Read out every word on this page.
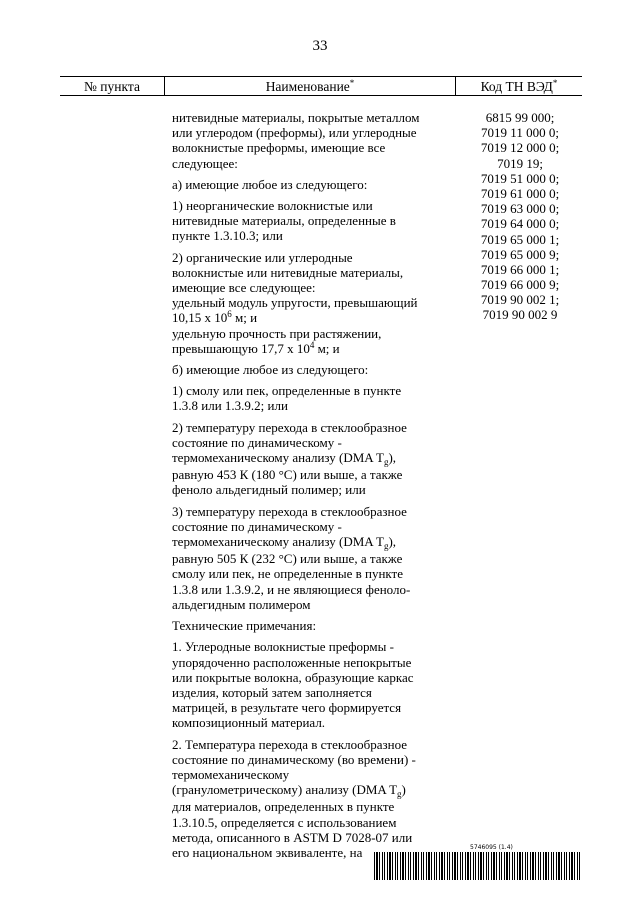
33
№ пункта	Наименование*	Код ТН ВЭД*

нитевидные материалы, покрытые металлом или углеродом (преформы), или углеродные волокнистые преформы, имеющие все следующее:

а) имеющие любое из следующего:

1) неорганические волокнистые или нитевидные материалы, определенные в пункте 1.3.10.3; или

2) органические или углеродные волокнистые или нитевидные материалы, имеющие все следующее:

удельный модуль упругости, превышающий 10,15 х $10^6$ м; и

удельную прочность при растяжении, превышающую 17,7 х $10^4$ м; и

б) имеющие любое из следующего:

1) смолу или пек, определенные в пункте 1.3.8 или 1.3.9.2; или

2) температуру перехода в стеклообразное состояние по динамическому - термомеханическому анализу (DMA $T_g$), равную 453 К (180 °C) или выше, а также феноло альдегидный полимер; или

3) температуру перехода в стеклообразное состояние по динамическому - термомеханическому анализу (DMA $T_g$), равную 505 К (232 °C) или выше, а также смолу или пек, не определенные в пункте 1.3.8 или 1.3.9.2, и не являющиеся феноло-альдегидным полимером

Технические примечания:

1. Углеродные волокнистые преформы - упорядоченно расположенные непокрытые или покрытые волокна, образующие каркас изделия, который затем заполняется матрицей, в результате чего формируется композиционный материал.

2. Температура перехода в стеклообразное состояние по динамическому (во времени) - термомеханическому (гранулометрическому) анализу (DMA $T_g$) для материалов, определенных в пункте 1.3.10.5, определяется с использованием метода, описанного в ASTM D 7028-07 или его национальном эквиваленте, на

6815 99 000;
7019 11 000 0;
7019 12 000 0;
7019 19;
7019 51 000 0;
7019 61 000 0;
7019 63 000 0;
7019 64 000 0;
7019 65 000 1;
7019 65 000 9;
7019 66 000 1;
7019 66 000 9;
7019 90 002 1;
7019 90 002 9
5746095 (1.4)
